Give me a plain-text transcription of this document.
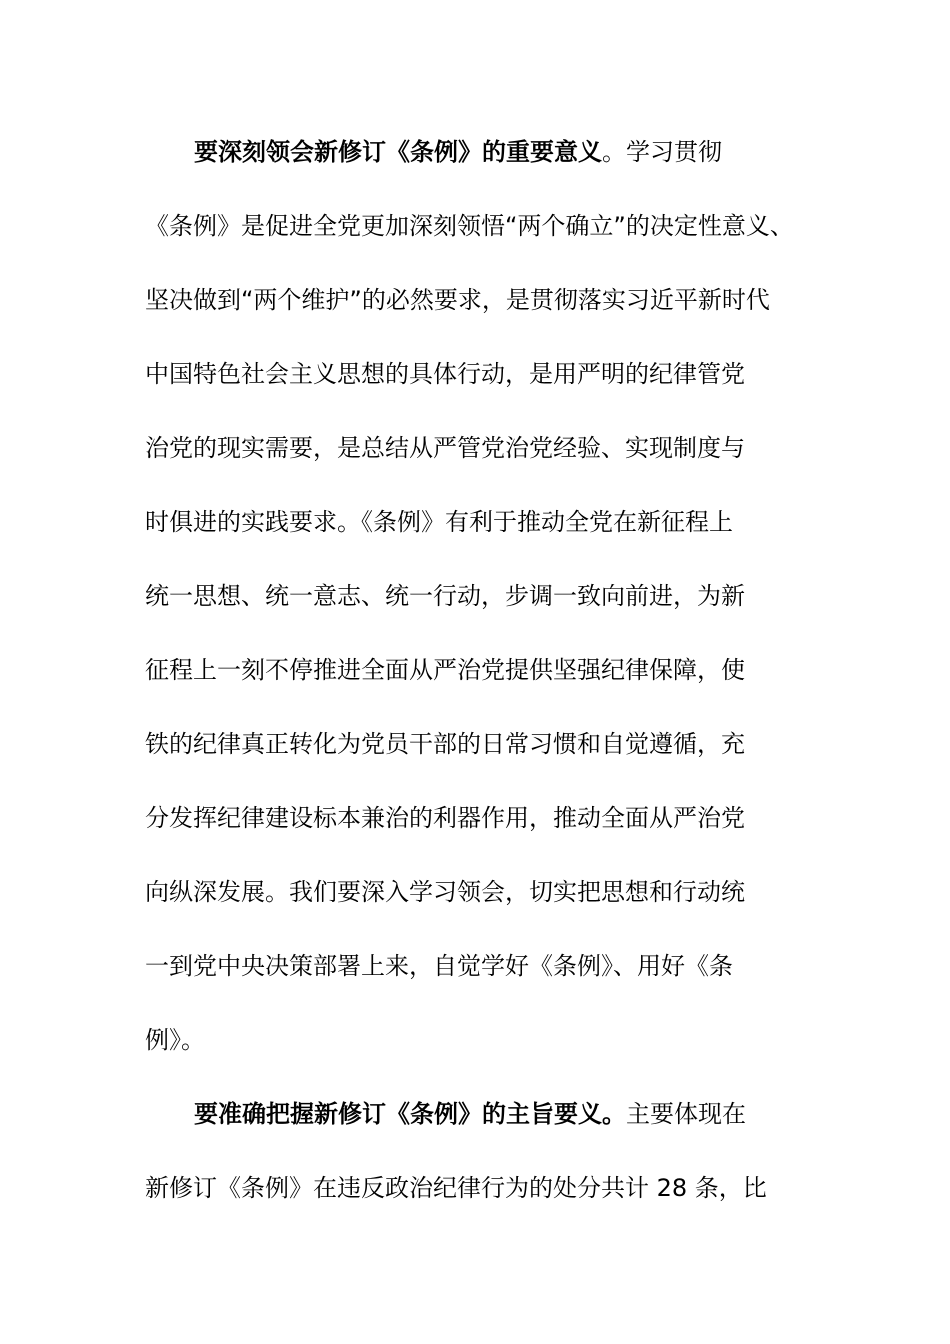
要深刻领会新修订《条例》的重要意义。学习贯彻
《条例》是促进全党更加深刻领悟“两个确立”的决定性意义、
坚决做到“两个维护”的必然要求，是贯彻落实习近平新时代
中国特色社会主义思想的具体行动，是用严明的纪律管党
治党的现实需要，是总结从严管党治党经验、实现制度与
时俱进的实践要求。《条例》有利于推动全党在新征程上
统一思想、统一意志、统一行动，步调一致向前进，为新
征程上一刻不停推进全面从严治党提供坚强纪律保障，使
铁的纪律真正转化为党员干部的日常习惯和自觉遵循，充
分发挥纪律建设标本兼治的利器作用，推动全面从严治党
向纵深发展。我们要深入学习领会，切实把思想和行动统
一到党中央决策部署上来，自觉学好《条例》、用好《条
例》。
要准确把握新修订《条例》的主旨要义。主要体现在
新修订《条例》在违反政治纪律行为的处分共计 28 条，比
